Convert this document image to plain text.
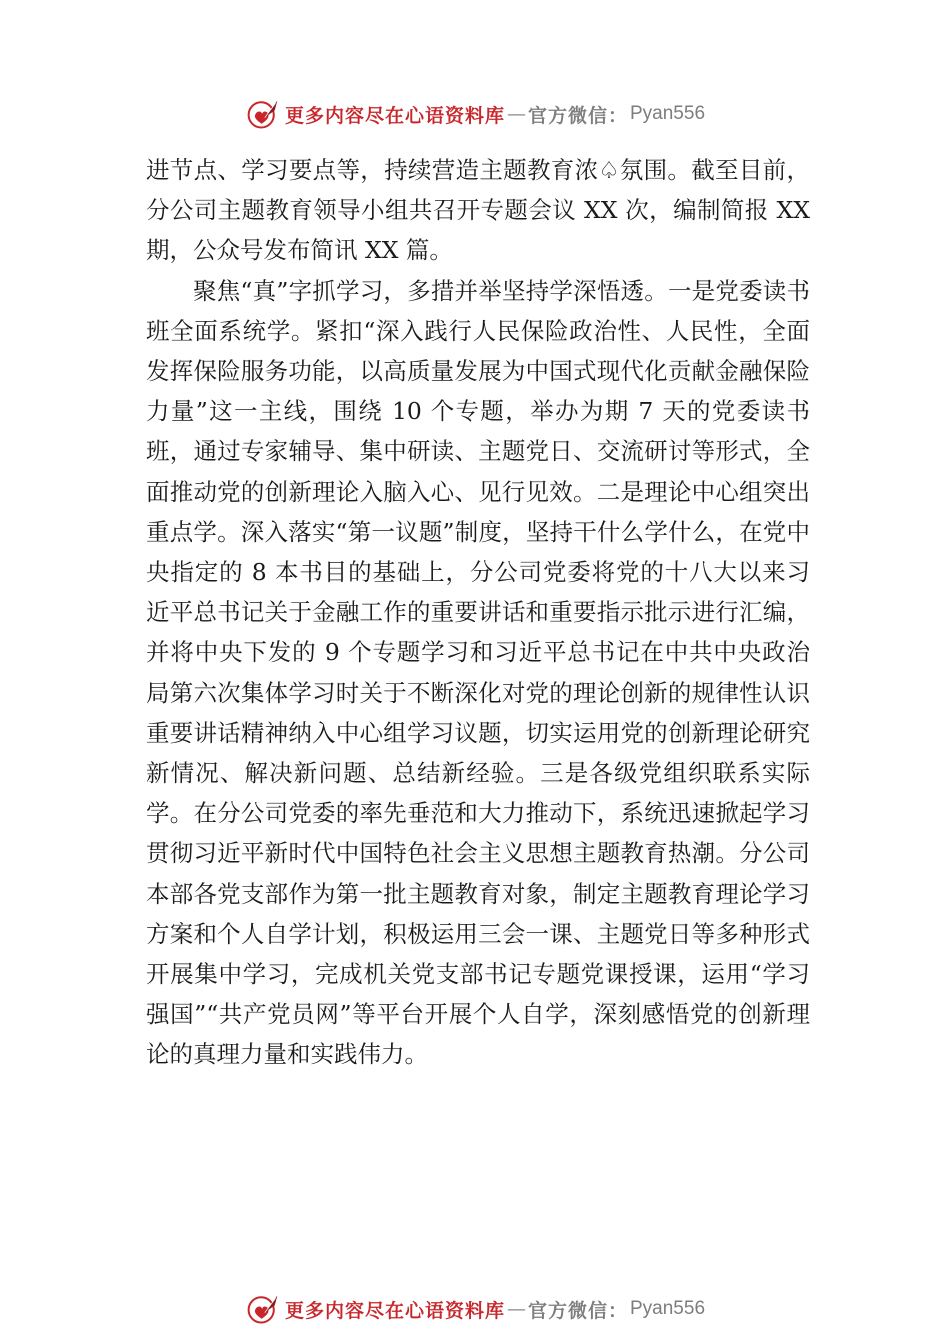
更多内容尽在心语资料库 — 官方微信： Pyan556

进节点、学习要点等，持续营造主题教育浓♤氛围。截至目前，分公司主题教育领导小组共召开专题会议 XX 次，编制简报 XX 期，公众号发布简讯 XX 篇。

聚焦“真”字抓学习，多措并举坚持学深悟透。一是党委读书班全面系统学。紧扣“深入践行人民保险政治性、人民性，全面发挥保险服务功能，以高质量发展为中国式现代化贡献金融保险力量”这一主线，围绕 10 个专题，举办为期 7 天的党委读书班，通过专家辅导、集中研读、主题党日、交流研讨等形式，全面推动党的创新理论入脑入心、见行见效。二是理论中心组突出重点学。深入落实“第一议题”制度，坚持干什么学什么，在党中央指定的 8 本书目的基础上，分公司党委将党的十八大以来习近平总书记关于金融工作的重要讲话和重要指示批示进行汇编，并将中央下发的 9 个专题学习和习近平总书记在中共中央政治局第六次集体学习时关于不断深化对党的理论创新的规律性认识重要讲话精神纳入中心组学习议题，切实运用党的创新理论研究新情况、解决新问题、总结新经验。三是各级党组织联系实际学。在分公司党委的率先垂范和大力推动下，系统迅速掀起学习贯彻习近平新时代中国特色社会主义思想主题教育热潮。分公司本部各党支部作为第一批主题教育对象，制定主题教育理论学习方案和个人自学计划，积极运用三会一课、主题党日等多种形式开展集中学习，完成机关党支部书记专题党课授课，运用“学习强国”“共产党员网”等平台开展个人自学，深刻感悟党的创新理论的真理力量和实践伟力。

更多内容尽在心语资料库 — 官方微信： Pyan556
